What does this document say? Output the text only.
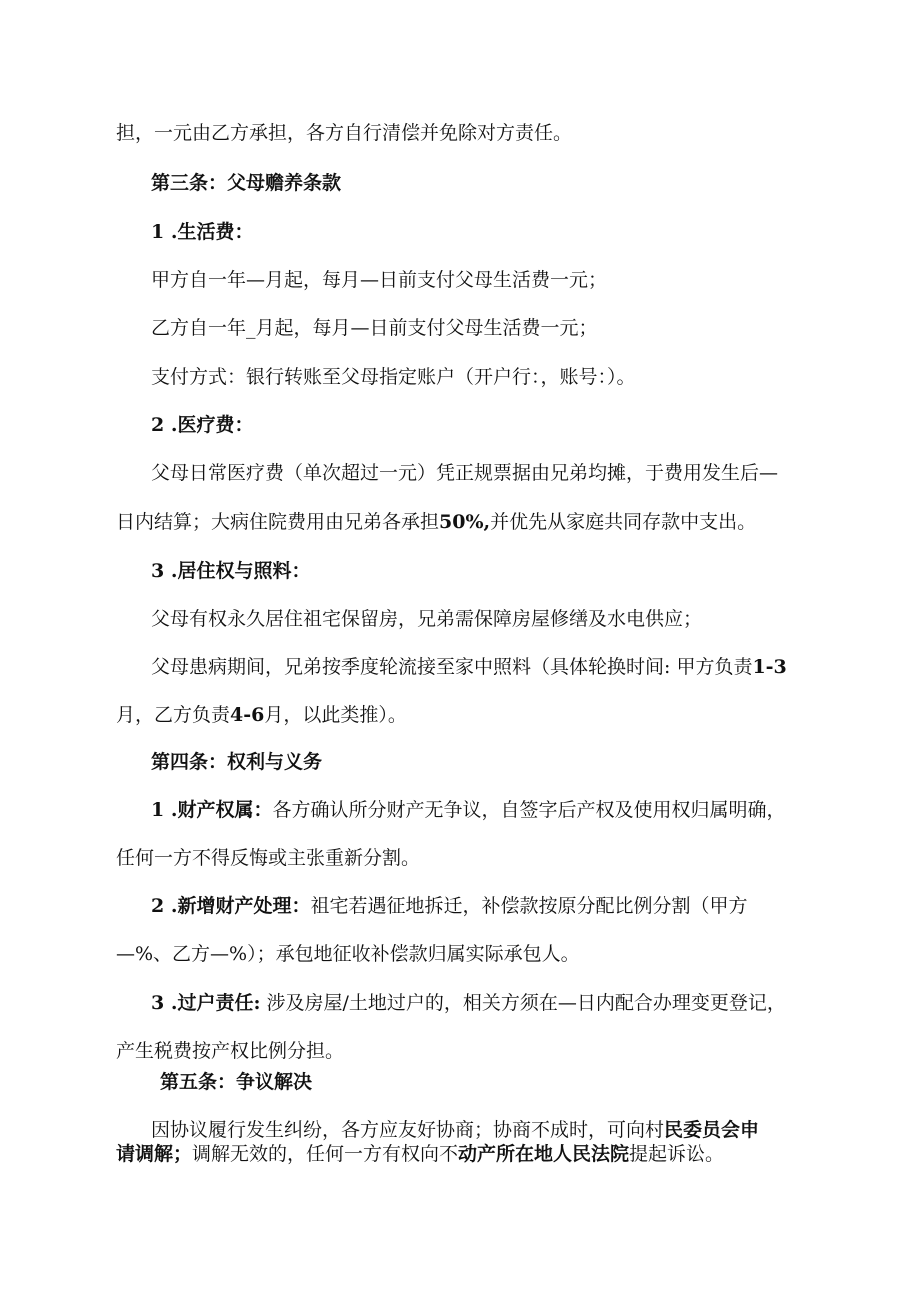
担，一元由乙方承担，各方自行清偿并免除对方责任。
第三条：父母赡养条款
1 .生活费：
甲方自一年—月起，每月—日前支付父母生活费一元；
乙方自一年_月起，每月—日前支付父母生活费一元；
支付方式：银行转账至父母指定账户（开户行：，账号：）。
2 .医疗费：
父母日常医疗费（单次超过一元）凭正规票据由兄弟均摊，于费用发生后—
日内结算；大病住院费用由兄弟各承担50%,并优先从家庭共同存款中支出。
3 .居住权与照料：
父母有权永久居住祖宅保留房，兄弟需保障房屋修缮及水电供应；
父母患病期间，兄弟按季度轮流接至家中照料（具体轮换时间: 甲方负责1-3
月，乙方负责4-6月，以此类推）。
第四条：权利与义务
1 .财产权属：各方确认所分财产无争议，自签字后产权及使用权归属明确，
任何一方不得反悔或主张重新分割。
2 .新增财产处理：祖宅若遇征地拆迁，补偿款按原分配比例分割（甲方
—%、乙方—%）；承包地征收补偿款归属实际承包人。
3 .过户责任: 涉及房屋/土地过户的，相关方须在—日内配合办理变更登记，
产生税费按产权比例分担。
第五条：争议解决
因协议履行发生纠纷，各方应友好协商；协商不成时，可向村民委员会申
请调解；调解无效的，任何一方有权向不动产所在地人民法院提起诉讼。
